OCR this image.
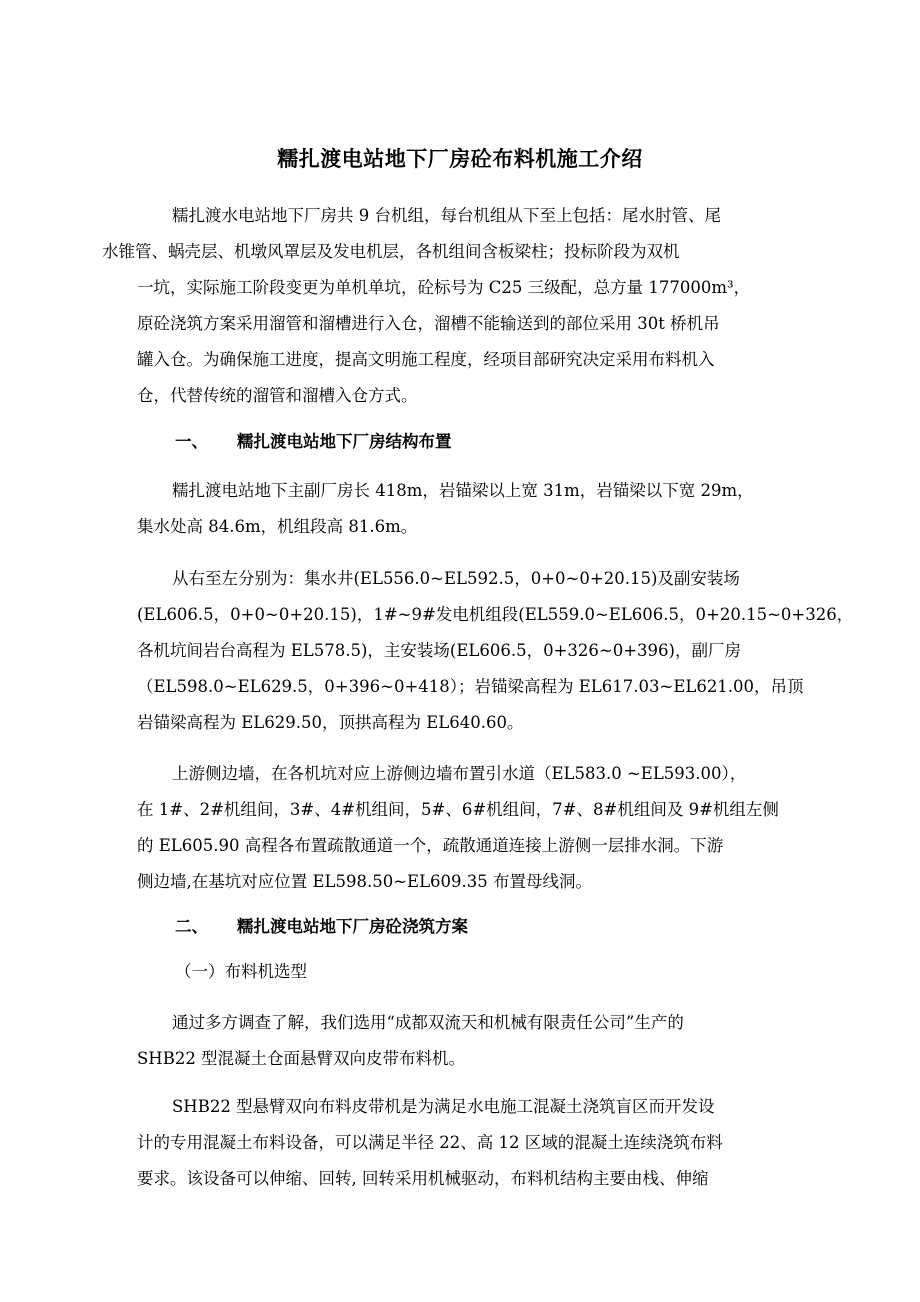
糯扎渡电站地下厂房砼布料机施工介绍
糯扎渡水电站地下厂房共 9 台机组，每台机组从下至上包括：尾水肘管、尾
水锥管、蜗壳层、机墩风罩层及发电机层，各机组间含板梁柱；投标阶段为双机
一坑，实际施工阶段变更为单机单坑，砼标号为 C25 三级配，总方量 177000m³，
原砼浇筑方案采用溜管和溜槽进行入仓，溜槽不能输送到的部位采用 30t 桥机吊
罐入仓。为确保施工进度，提高文明施工程度，经项目部研究决定采用布料机入
仓，代替传统的溜管和溜槽入仓方式。
一、 糯扎渡电站地下厂房结构布置
糯扎渡电站地下主副厂房长 418m，岩锚梁以上宽 31m，岩锚梁以下宽 29m，
集水处高 84.6m，机组段高 81.6m。
从右至左分别为：集水井(EL556.0~EL592.5，0+0~0+20.15)及副安装场
(EL606.5，0+0~0+20.15)，1#~9#发电机组段(EL559.0~EL606.5，0+20.15~0+326，
各机坑间岩台高程为 EL578.5)，主安装场(EL606.5，0+326~0+396)，副厂房
（EL598.0~EL629.5，0+396~0+418）；岩锚梁高程为 EL617.03~EL621.00，吊顶
岩锚梁高程为 EL629.50，顶拱高程为 EL640.60。
上游侧边墙，在各机坑对应上游侧边墙布置引水道（EL583.0 ~EL593.00），
在 1#、2#机组间，3#、4#机组间，5#、6#机组间，7#、8#机组间及 9#机组左侧
的 EL605.90 高程各布置疏散通道一个，疏散通道连接上游侧一层排水洞。下游
侧边墙,在基坑对应位置 EL598.50~EL609.35 布置母线洞。
二、 糯扎渡电站地下厂房砼浇筑方案
（一）布料机选型
通过多方调查了解，我们选用“成都双流天和机械有限责任公司”生产的
SHB22 型混凝土仓面悬臂双向皮带布料机。
SHB22 型悬臂双向布料皮带机是为满足水电施工混凝土浇筑盲区而开发设
计的专用混凝土布料设备，可以满足半径 22、高 12 区域的混凝土连续浇筑布料
要求。该设备可以伸缩、回转, 回转采用机械驱动，布料机结构主要由栈、伸缩
